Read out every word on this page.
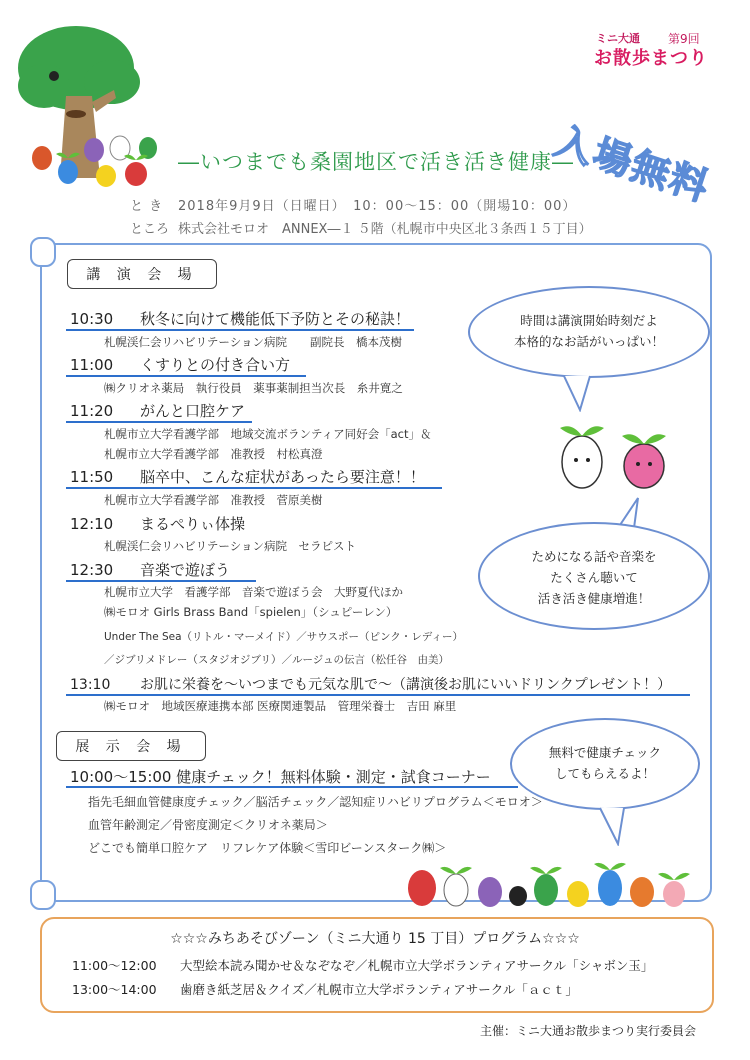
ミニ大通 第9回
お散歩まつり
入場無料
―いつまでも桑園地区で活き活き健康―
と き 2018年9月9日（日曜日）　10：00～15：00（開場10：00）
ところ 株式会社モロオ　ANNEX―１ ５階（札幌市中央区北３条西１５丁目）
講 演 会 場
10:30 秋冬に向けて機能低下予防とその秘訣！
札幌渓仁会リハビリテーション病院　　副院長　橋本茂樹
11:00 くすりとの付き合い方
㈱クリオネ薬局　執行役員　薬事薬制担当次長　糸井寛之
11:20 がんと口腔ケア
札幌市立大学看護学部　地域交流ボランティア同好会「act」＆
札幌市立大学看護学部　准教授　村松真澄
11:50 脳卒中、こんな症状があったら要注意！！
札幌市立大学看護学部　准教授　菅原美樹
12:10 まるぺりぃ体操
札幌渓仁会リハビリテーション病院　セラピスト
12:30 音楽で遊ぼう
札幌市立大学　看護学部　音楽で遊ぼう会　大野夏代ほか
㈱モロオ Girls Brass Band「spielen」（シュピーレン）
Under The Sea（リトル・マーメイド）／サウスポー（ピンク・レディー）
／ジブリメドレー（スタジオジブリ）／ルージュの伝言（松任谷　由美）
13:10 お肌に栄養を～いつまでも元気な肌で～（講演後お肌にいいドリンクプレゼント！）
㈱モロオ　地域医療連携本部 医療関連製品　管理栄養士　吉田 麻里
時間は講演開始時刻だよ
本格的なお話がいっぱい！
ためになる話や音楽を
たくさん聴いて
活き活き健康増進！
展 示 会 場
10:00～15:00 健康チェック！無料体験・測定・試食コーナー
指先毛細血管健康度チェック／脳活チェック／認知症リハビリプログラム＜モロオ＞
血管年齢測定／骨密度測定＜クリオネ薬局＞
どこでも簡単口腔ケア　リフレケア体験＜雪印ビーンスターク㈱＞
無料で健康チェック
してもらえるよ！
☆☆☆みちあそびゾーン（ミニ大通り 15 丁目）プログラム☆☆☆
11:00～12:00 大型絵本読み聞かせ＆なぞなぞ／札幌市立大学ボランティアサークル「シャボン玉」
13:00～14:00 歯磨き紙芝居＆クイズ／札幌市立大学ボランティアサークル「ａｃｔ」
主催：ミニ大通お散歩まつり実行委員会
